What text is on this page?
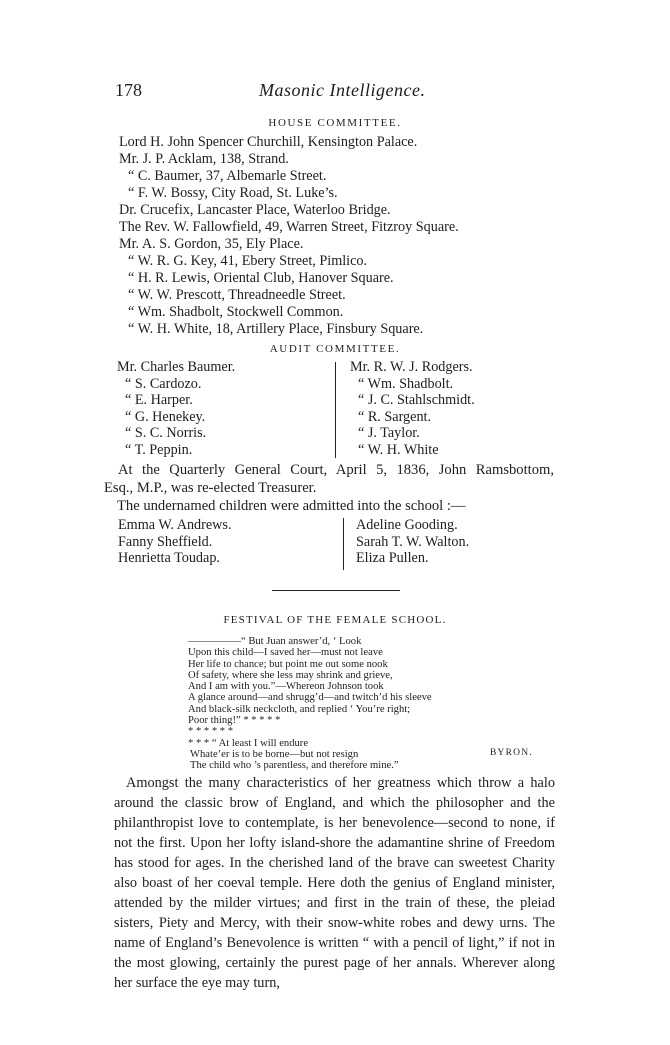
178	Masonic Intelligence.
HOUSE COMMITTEE.
Lord H. John Spencer Churchill, Kensington Palace.
Mr. J. P. Acklam, 138, Strand.
“ C. Baumer, 37, Albemarle Street.
“ F. W. Bossy, City Road, St. Luke’s.
Dr. Crucefix, Lancaster Place, Waterloo Bridge.
The Rev. W. Fallowfield, 49, Warren Street, Fitzroy Square.
Mr. A. S. Gordon, 35, Ely Place.
“ W. R. G. Key, 41, Ebery Street, Pimlico.
“ H. R. Lewis, Oriental Club, Hanover Square.
“ W. W. Prescott, Threadneedle Street.
“ Wm. Shadbolt, Stockwell Common.
“ W. H. White, 18, Artillery Place, Finsbury Square.
AUDIT COMMITTEE.
Mr. Charles Baumer.
“ S. Cardozo.
“ E. Harper.
“ G. Henekey.
“ S. C. Norris.
“ T. Peppin.
Mr. R. W. J. Rodgers.
“ Wm. Shadbolt.
“ J. C. Stahlschmidt.
“ R. Sargent.
“ J. Taylor.
“ W. H. White
At the Quarterly General Court, April 5, 1836, John Ramsbottom,
Esq., M.P., was re-elected Treasurer.
The undernamed children were admitted into the school :—
Emma W. Andrews.
Fanny Sheffield.
Henrietta Toudap.
Adeline Gooding.
Sarah T. W. Walton.
Eliza Pullen.
FESTIVAL OF THE FEMALE SCHOOL.
—————“ But Juan answer’d, ‘ Look
Upon this child—I saved her—must not leave
Her life to chance; but point me out some nook
Of safety, where she less may shrink and grieve,
And I am with you.”—Whereon Johnson took
A glance around—and shrugg’d—and twitch’d his sleeve
And black-silk neckcloth, and replied ‘ You’re right;
Poor thing!” * * * * *
* * * * * *
* * * “ At least I will endure
Whate’er is to be borne—but not resign
The child who ’s parentless, and therefore mine.”
BYRON.
Amongst the many characteristics of her greatness which throw a halo around the classic brow of England, and which the philosopher and the philanthropist love to contemplate, is her benevolence—second to none, if not the first. Upon her lofty island-shore the adamantine shrine of Freedom has stood for ages. In the cherished land of the brave can sweetest Charity also boast of her coeval temple. Here doth the genius of England minister, attended by the milder virtues; and first in the train of these, the pleiad sisters, Piety and Mercy, with their snow-white robes and dewy urns. The name of England’s Benevolence is written “ with a pencil of light,” if not in the most glowing, certainly the purest page of her annals. Wherever along her surface the eye may turn,
